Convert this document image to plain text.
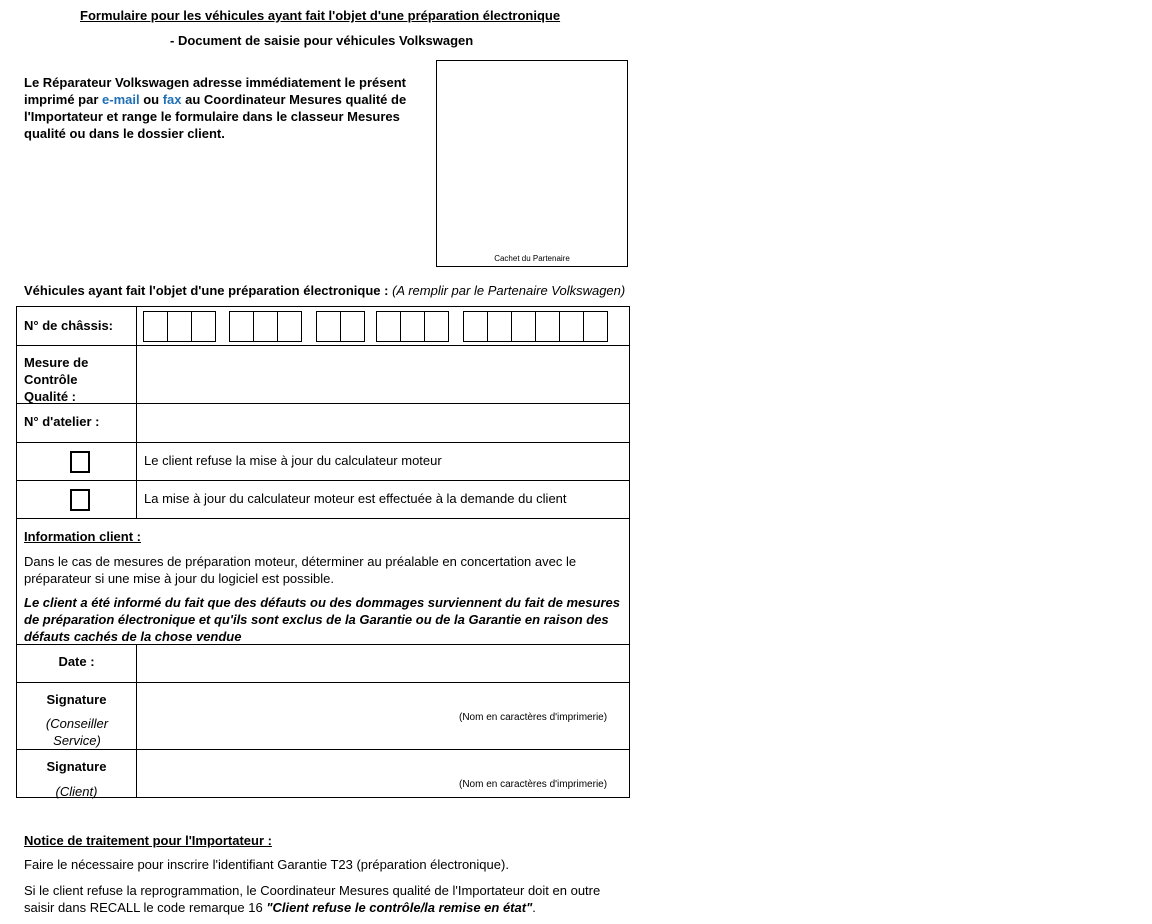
Formulaire pour les véhicules ayant fait l'objet d'une préparation électronique
- Document de saisie pour véhicules Volkswagen
Le Réparateur Volkswagen adresse immédiatement le présent imprimé par e-mail ou fax au Coordinateur Mesures qualité de l'Importateur et range le formulaire dans le classeur Mesures qualité ou dans le dossier client.
Cachet du Partenaire
Véhicules ayant fait l'objet d'une préparation électronique : (A remplir par le Partenaire Volkswagen)
N° de châssis:
Mesure de Contrôle Qualité :
N° d'atelier :
Le client refuse la mise à jour du calculateur moteur
La mise à jour du calculateur moteur est effectuée à la demande du client
Information client :
Dans le cas de mesures de préparation moteur, déterminer au préalable en concertation avec le préparateur si une mise à jour du logiciel est possible.
Le client a été informé du fait que des défauts ou des dommages surviennent du fait de mesures de préparation électronique et qu'ils sont exclus de la Garantie ou de la Garantie en raison des défauts cachés de la chose vendue
Date :
Signature
(Conseiller Service)
(Nom en caractères d'imprimerie)
Signature
(Client)	(Nom en caractères d'imprimerie)
Notice de traitement pour l'Importateur :
Faire le nécessaire pour inscrire l'identifiant Garantie T23 (préparation électronique).
Si le client refuse la reprogrammation, le Coordinateur Mesures qualité de l'Importateur doit en outre saisir dans RECALL le code remarque 16 "Client refuse le contrôle/la remise en état".
